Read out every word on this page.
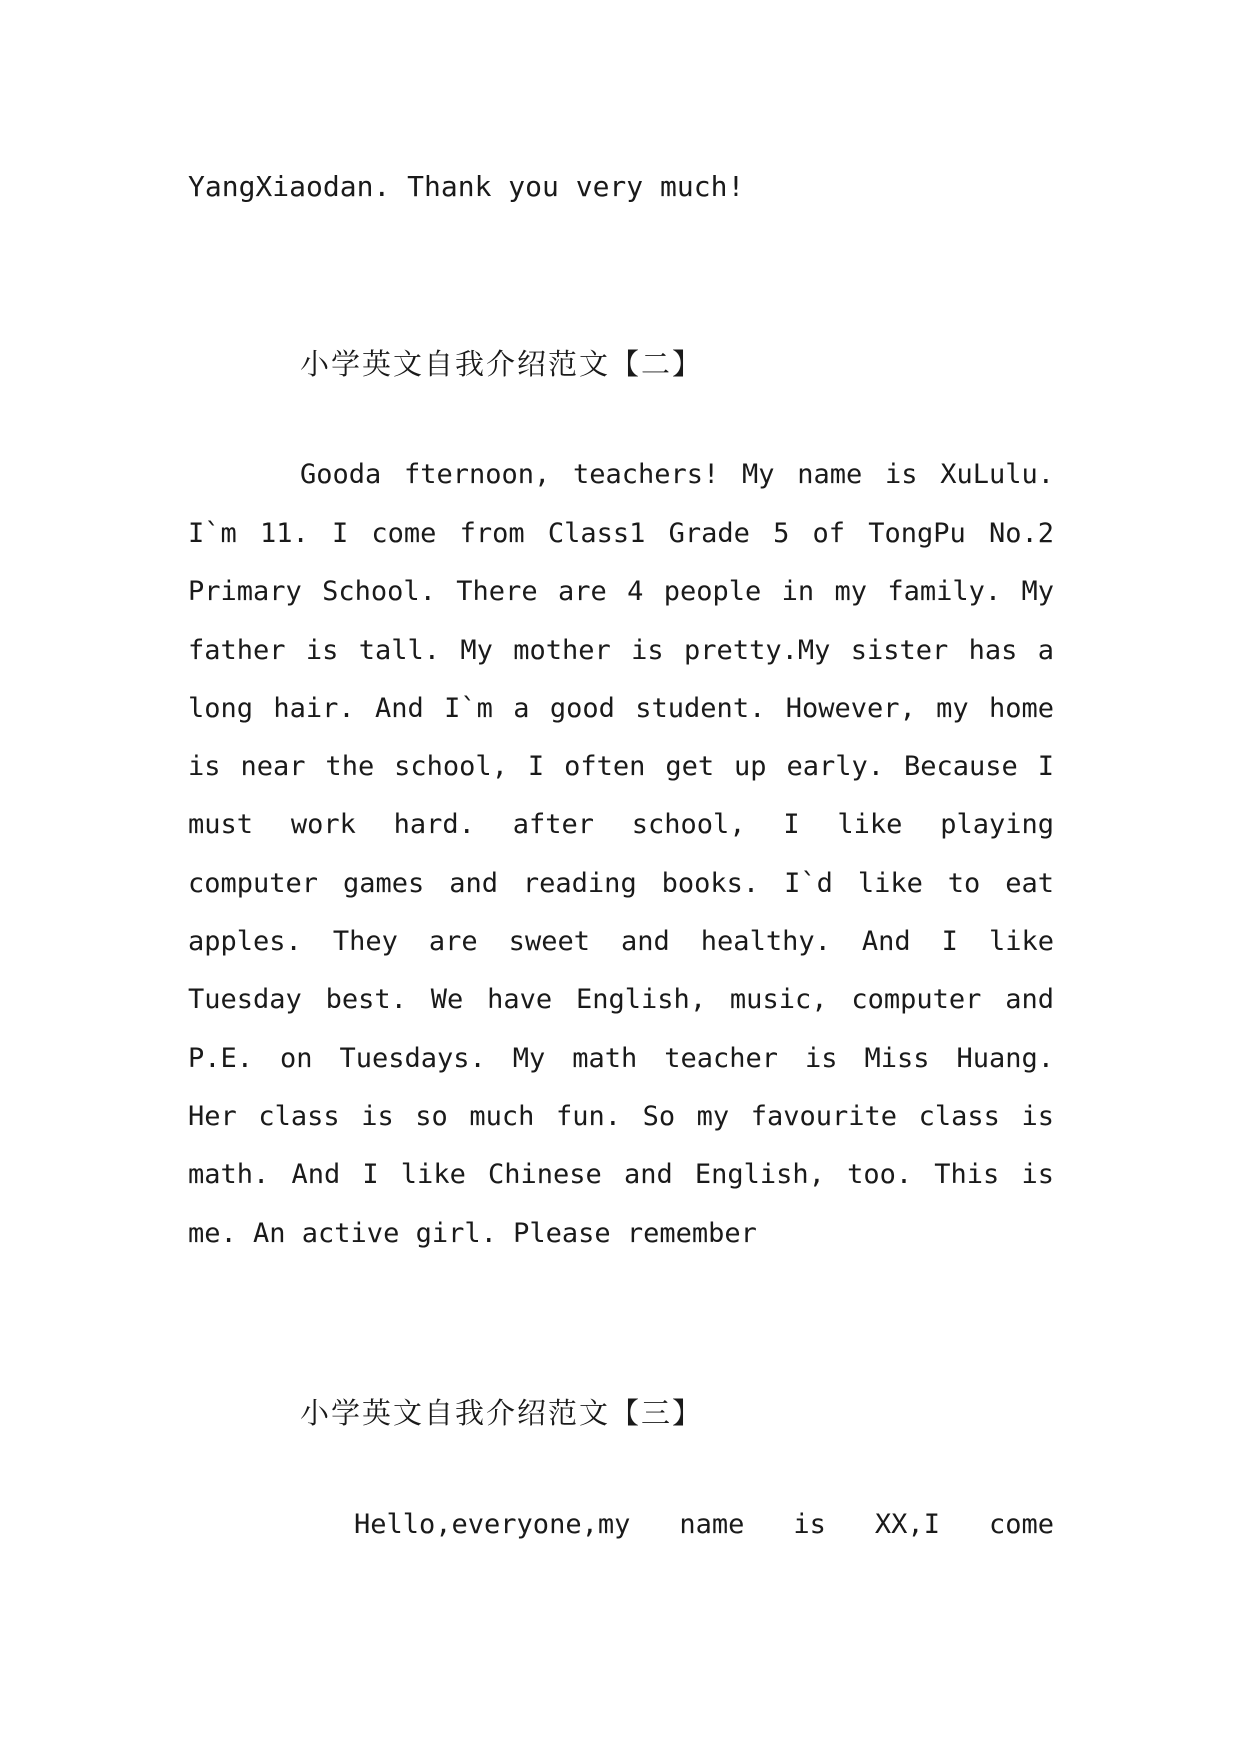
YangXiaodan. Thank you very much!

小学英文自我介绍范文【二】
Gooda fternoon, teachers! My name is XuLulu.
I`m 11. I come from Class1 Grade 5 of TongPu No.2
Primary School. There are 4 people in my family. My
father is tall. My mother is pretty.My sister has a
long hair. And I`m a good student. However, my home
is near the school, I often get up early. Because I
must work hard. after school, I like playing
computer games and reading books. I`d like to eat
apples. They are sweet and healthy. And I like
Tuesday best. We have English, music, computer and
P.E. on Tuesdays. My math teacher is Miss Huang.
Her class is so much fun. So my favourite class is
math. And I like Chinese and English, too. This is
me. An active girl. Please remember
小学英文自我介绍范文【三】
Hello,everyone,my name is XX,I come
